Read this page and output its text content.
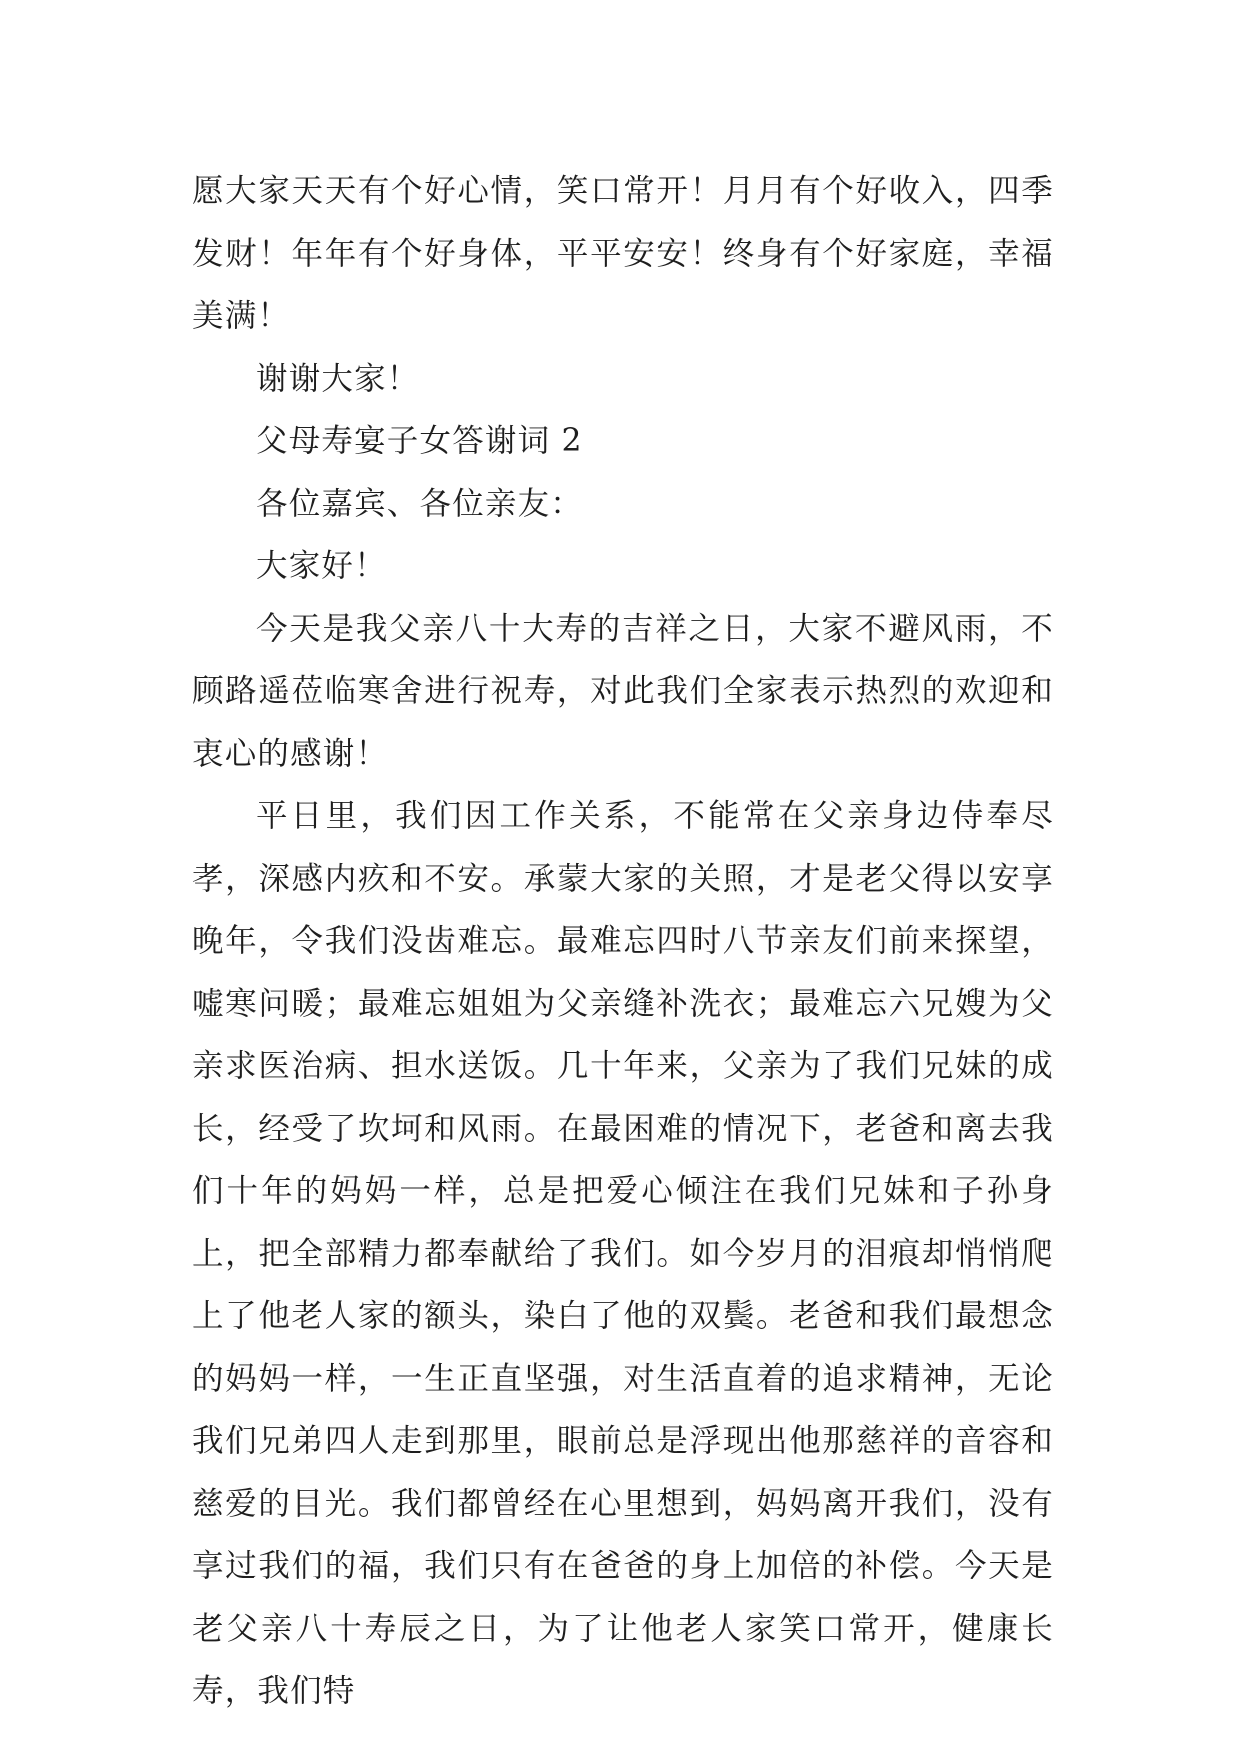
愿大家天天有个好心情，笑口常开！月月有个好收入，四季发财！年年有个好身体，平平安安！终身有个好家庭，幸福美满！

谢谢大家！

父母寿宴子女答谢词 2

各位嘉宾、各位亲友：

大家好！

今天是我父亲八十大寿的吉祥之日，大家不避风雨，不顾路遥莅临寒舍进行祝寿，对此我们全家表示热烈的欢迎和衷心的感谢！

平日里，我们因工作关系，不能常在父亲身边侍奉尽孝，深感内疚和不安。承蒙大家的关照，才是老父得以安享晚年，令我们没齿难忘。最难忘四时八节亲友们前来探望，嘘寒问暖；最难忘姐姐为父亲缝补洗衣；最难忘六兄嫂为父亲求医治病、担水送饭。几十年来，父亲为了我们兄妹的成长，经受了坎坷和风雨。在最困难的情况下，老爸和离去我们十年的妈妈一样，总是把爱心倾注在我们兄妹和子孙身上，把全部精力都奉献给了我们。如今岁月的泪痕却悄悄爬上了他老人家的额头，染白了他的双鬓。老爸和我们最想念的妈妈一样，一生正直坚强，对生活直着的追求精神，无论我们兄弟四人走到那里，眼前总是浮现出他那慈祥的音容和慈爱的目光。我们都曾经在心里想到，妈妈离开我们，没有享过我们的福，我们只有在爸爸的身上加倍的补偿。今天是老父亲八十寿辰之日，为了让他老人家笑口常开，健康长寿，我们特
